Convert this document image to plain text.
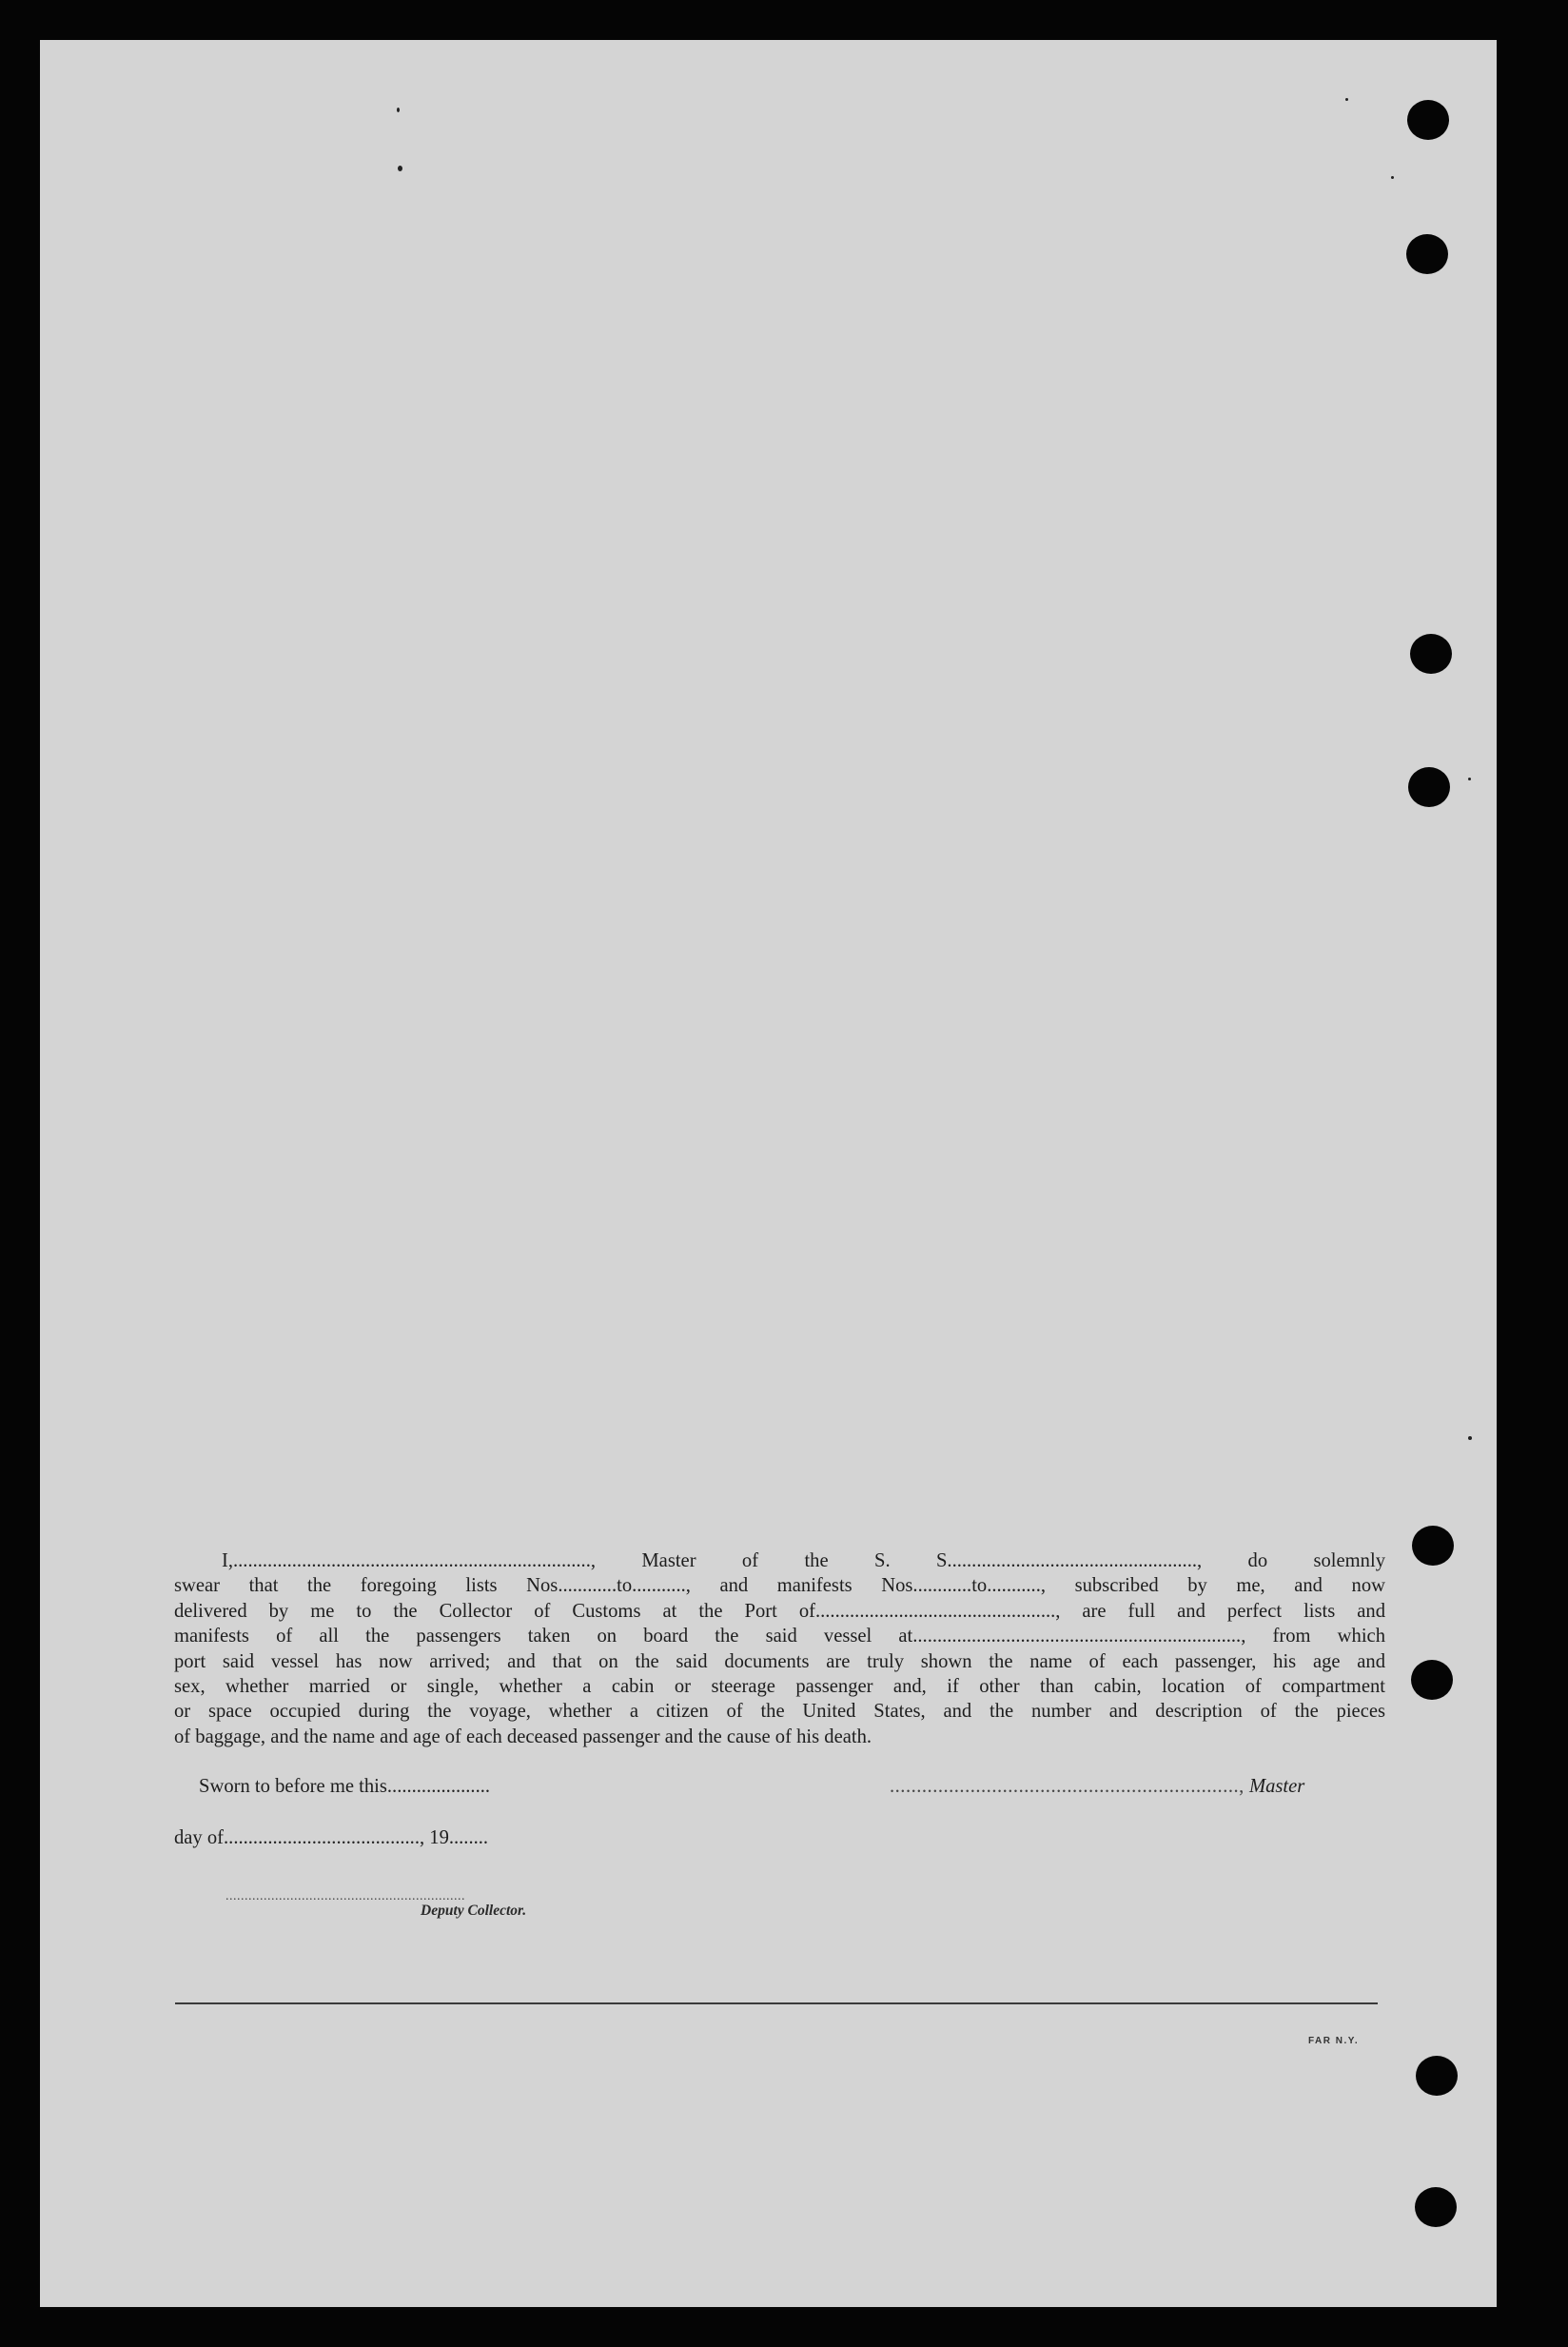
I,........................................................................., Master of the S. S..................................................., do solemnly
swear that the foregoing lists Nos............to..........., and manifests Nos............to..........., subscribed by me, and now
delivered by me to the Collector of Customs at the Port of................................................., are full and perfect lists and
manifests of all the passengers taken on board the said vessel at..................................................................., from which
port said vessel has now arrived; and that on the said documents are truly shown the name of each passenger, his age and
sex, whether married or single, whether a cabin or steerage passenger and, if other than cabin, location of compartment
or space occupied during the voyage, whether a citizen of the United States, and the number and description of the pieces
of baggage, and the name and age of each deceased passenger and the cause of his death.
Sworn to before me this.....................	................................................................., Master
day of........................................, 19........
...............................................................
Deputy Collector.
FAR N.Y.
